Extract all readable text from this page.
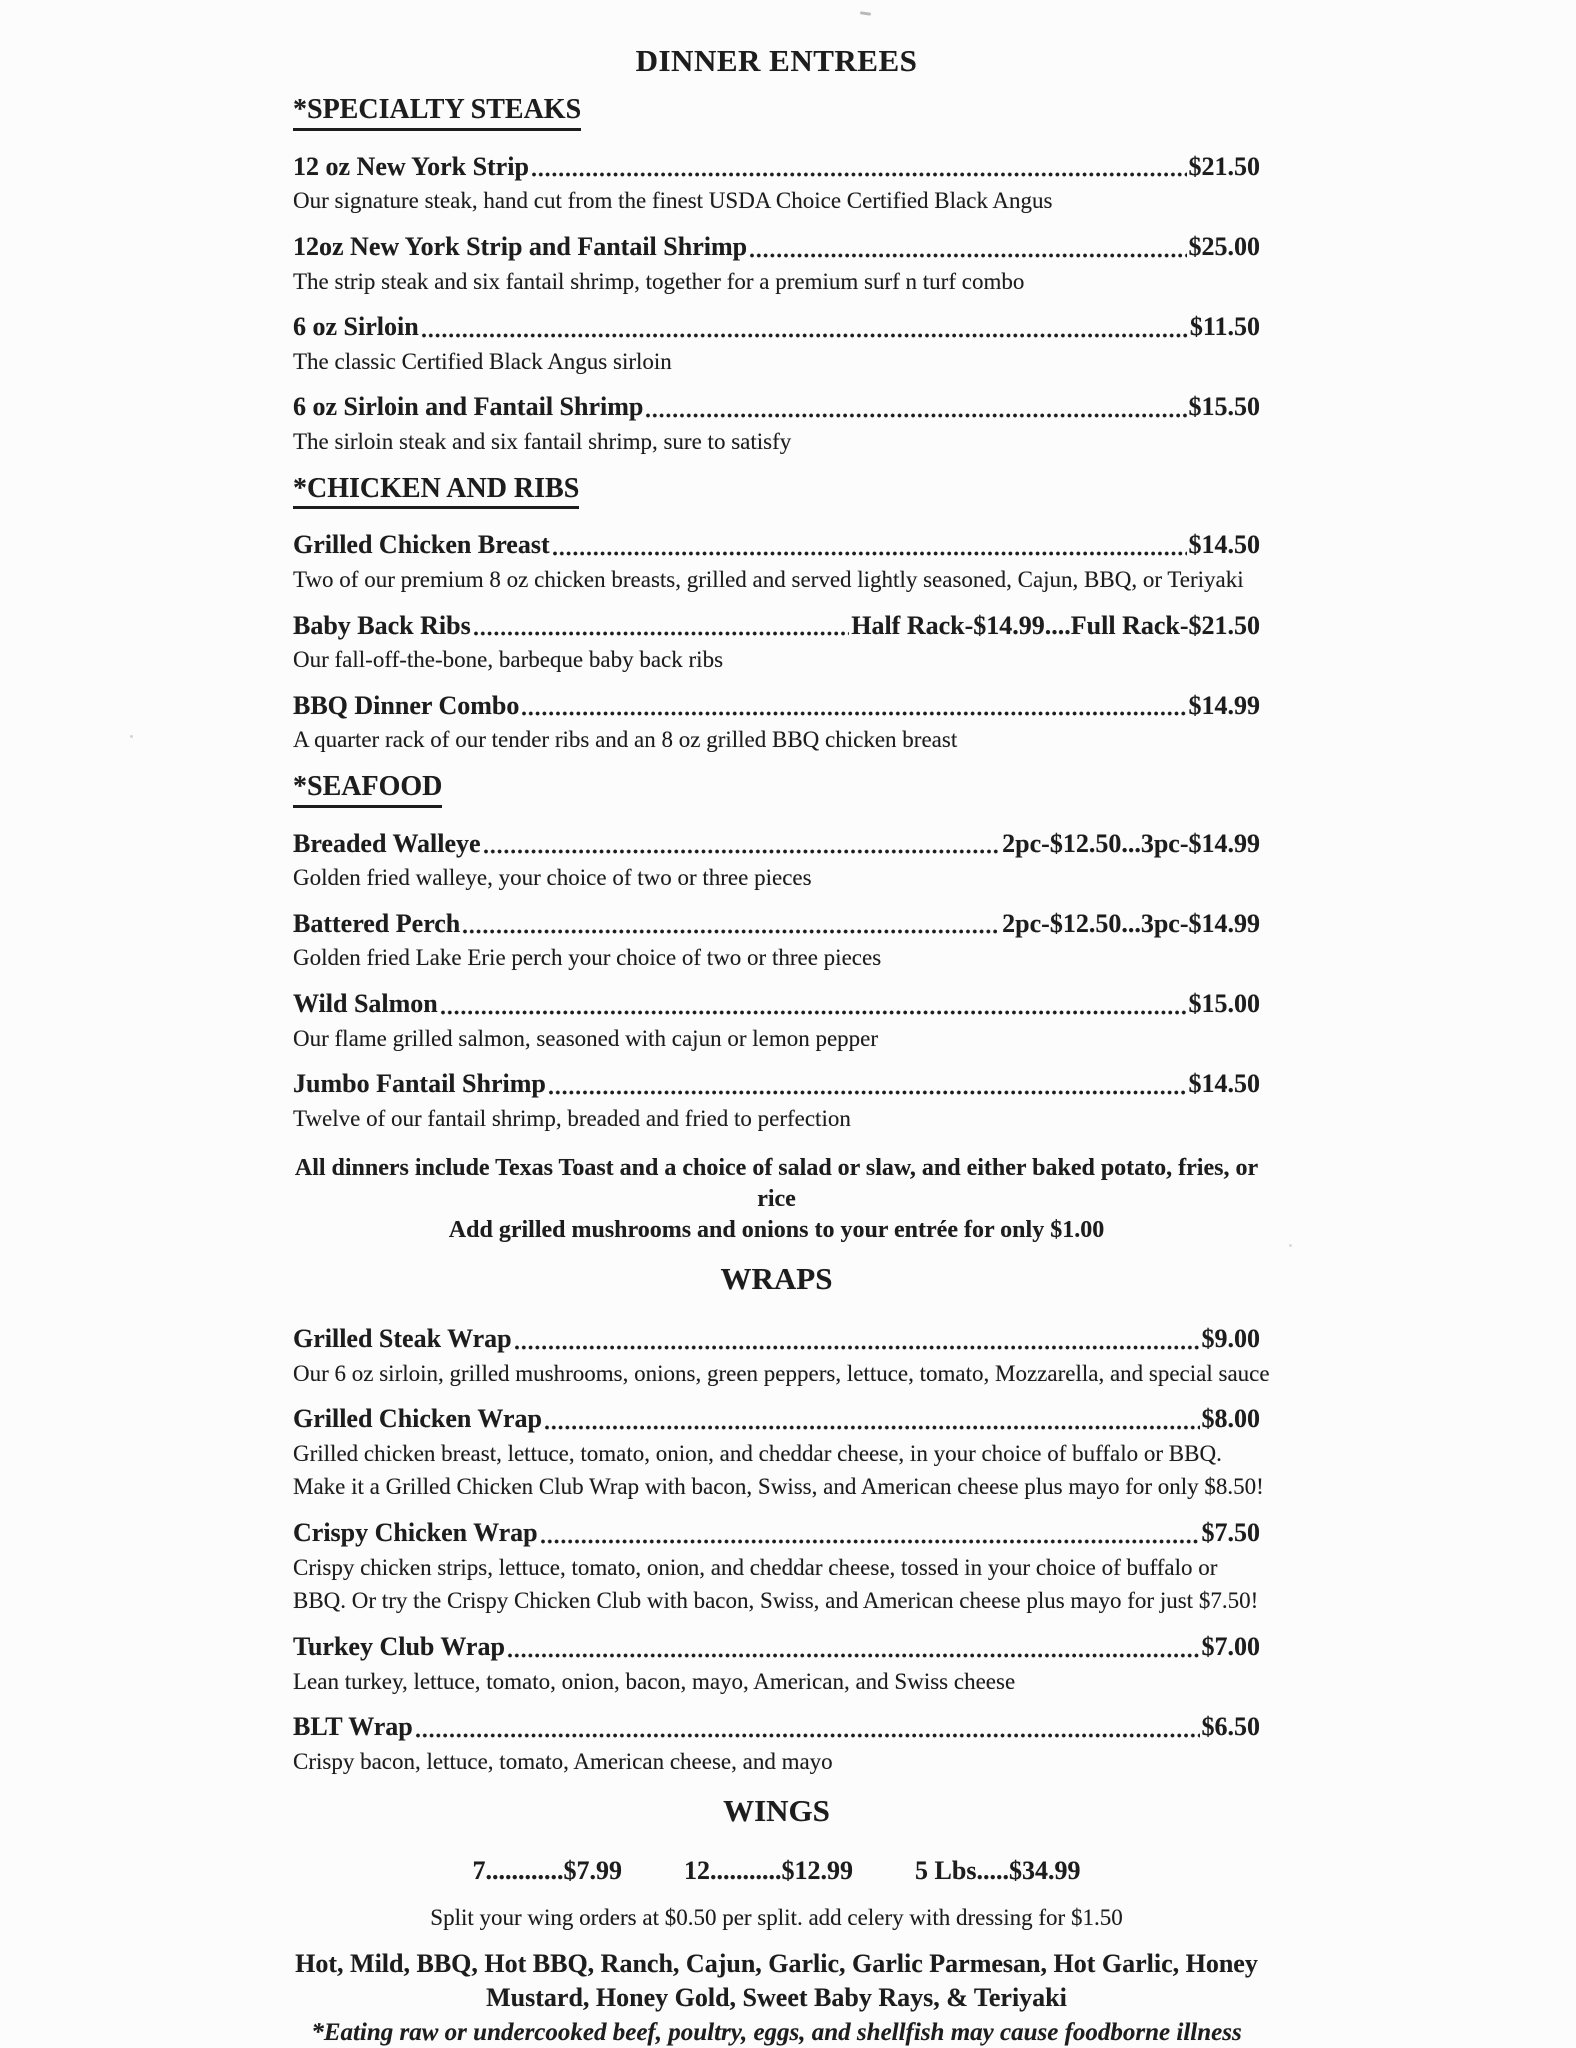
DINNER ENTREES
*SPECIALTY STEAKS
12 oz New York Strip	$21.50
Our signature steak, hand cut from the finest USDA Choice Certified Black Angus
12oz New York Strip and Fantail Shrimp	$25.00
The strip steak and six fantail shrimp, together for a premium surf n turf combo
6 oz Sirloin	$11.50
The classic Certified Black Angus sirloin
6 oz Sirloin and Fantail Shrimp	$15.50
The sirloin steak and six fantail shrimp, sure to satisfy
*CHICKEN AND RIBS
Grilled Chicken Breast	$14.50
Two of our premium 8 oz chicken breasts, grilled and served lightly seasoned, Cajun, BBQ, or Teriyaki
Baby Back Ribs	Half Rack-$14.99....Full Rack-$21.50
Our fall-off-the-bone, barbeque baby back ribs
BBQ Dinner Combo	$14.99
A quarter rack of our tender ribs and an 8 oz grilled BBQ chicken breast
*SEAFOOD
Breaded Walleye	2pc-$12.50...3pc-$14.99
Golden fried walleye, your choice of two or three pieces
Battered Perch	2pc-$12.50...3pc-$14.99
Golden fried Lake Erie perch your choice of two or three pieces
Wild Salmon	$15.00
Our flame grilled salmon, seasoned with cajun or lemon pepper
Jumbo Fantail Shrimp	$14.50
Twelve of our fantail shrimp, breaded and fried to perfection
All dinners include Texas Toast and a choice of salad or slaw, and either baked potato, fries, or rice
Add grilled mushrooms and onions to your entrée for only $1.00
WRAPS
Grilled Steak Wrap	$9.00
Our 6 oz sirloin, grilled mushrooms, onions, green peppers, lettuce, tomato, Mozzarella, and special sauce
Grilled Chicken Wrap	$8.00
Grilled chicken breast, lettuce, tomato, onion, and cheddar cheese, in your choice of buffalo or BBQ.
Make it a Grilled Chicken Club Wrap with bacon, Swiss, and American cheese plus mayo for only $8.50!
Crispy Chicken Wrap	$7.50
Crispy chicken strips, lettuce, tomato, onion, and cheddar cheese, tossed in your choice of buffalo or
BBQ. Or try the Crispy Chicken Club with bacon, Swiss, and American cheese plus mayo for just $7.50!
Turkey Club Wrap	$7.00
Lean turkey, lettuce, tomato, onion, bacon, mayo, American, and Swiss cheese
BLT Wrap	$6.50
Crispy bacon, lettuce, tomato, American cheese, and mayo
WINGS
7............$7.99 12...........$12.99 5 Lbs.....$34.99
Split your wing orders at $0.50 per split. add celery with dressing for $1.50
Hot, Mild, BBQ, Hot BBQ, Ranch, Cajun, Garlic, Garlic Parmesan, Hot Garlic, Honey
Mustard, Honey Gold, Sweet Baby Rays, & Teriyaki
*Eating raw or undercooked beef, poultry, eggs, and shellfish may cause foodborne illness
